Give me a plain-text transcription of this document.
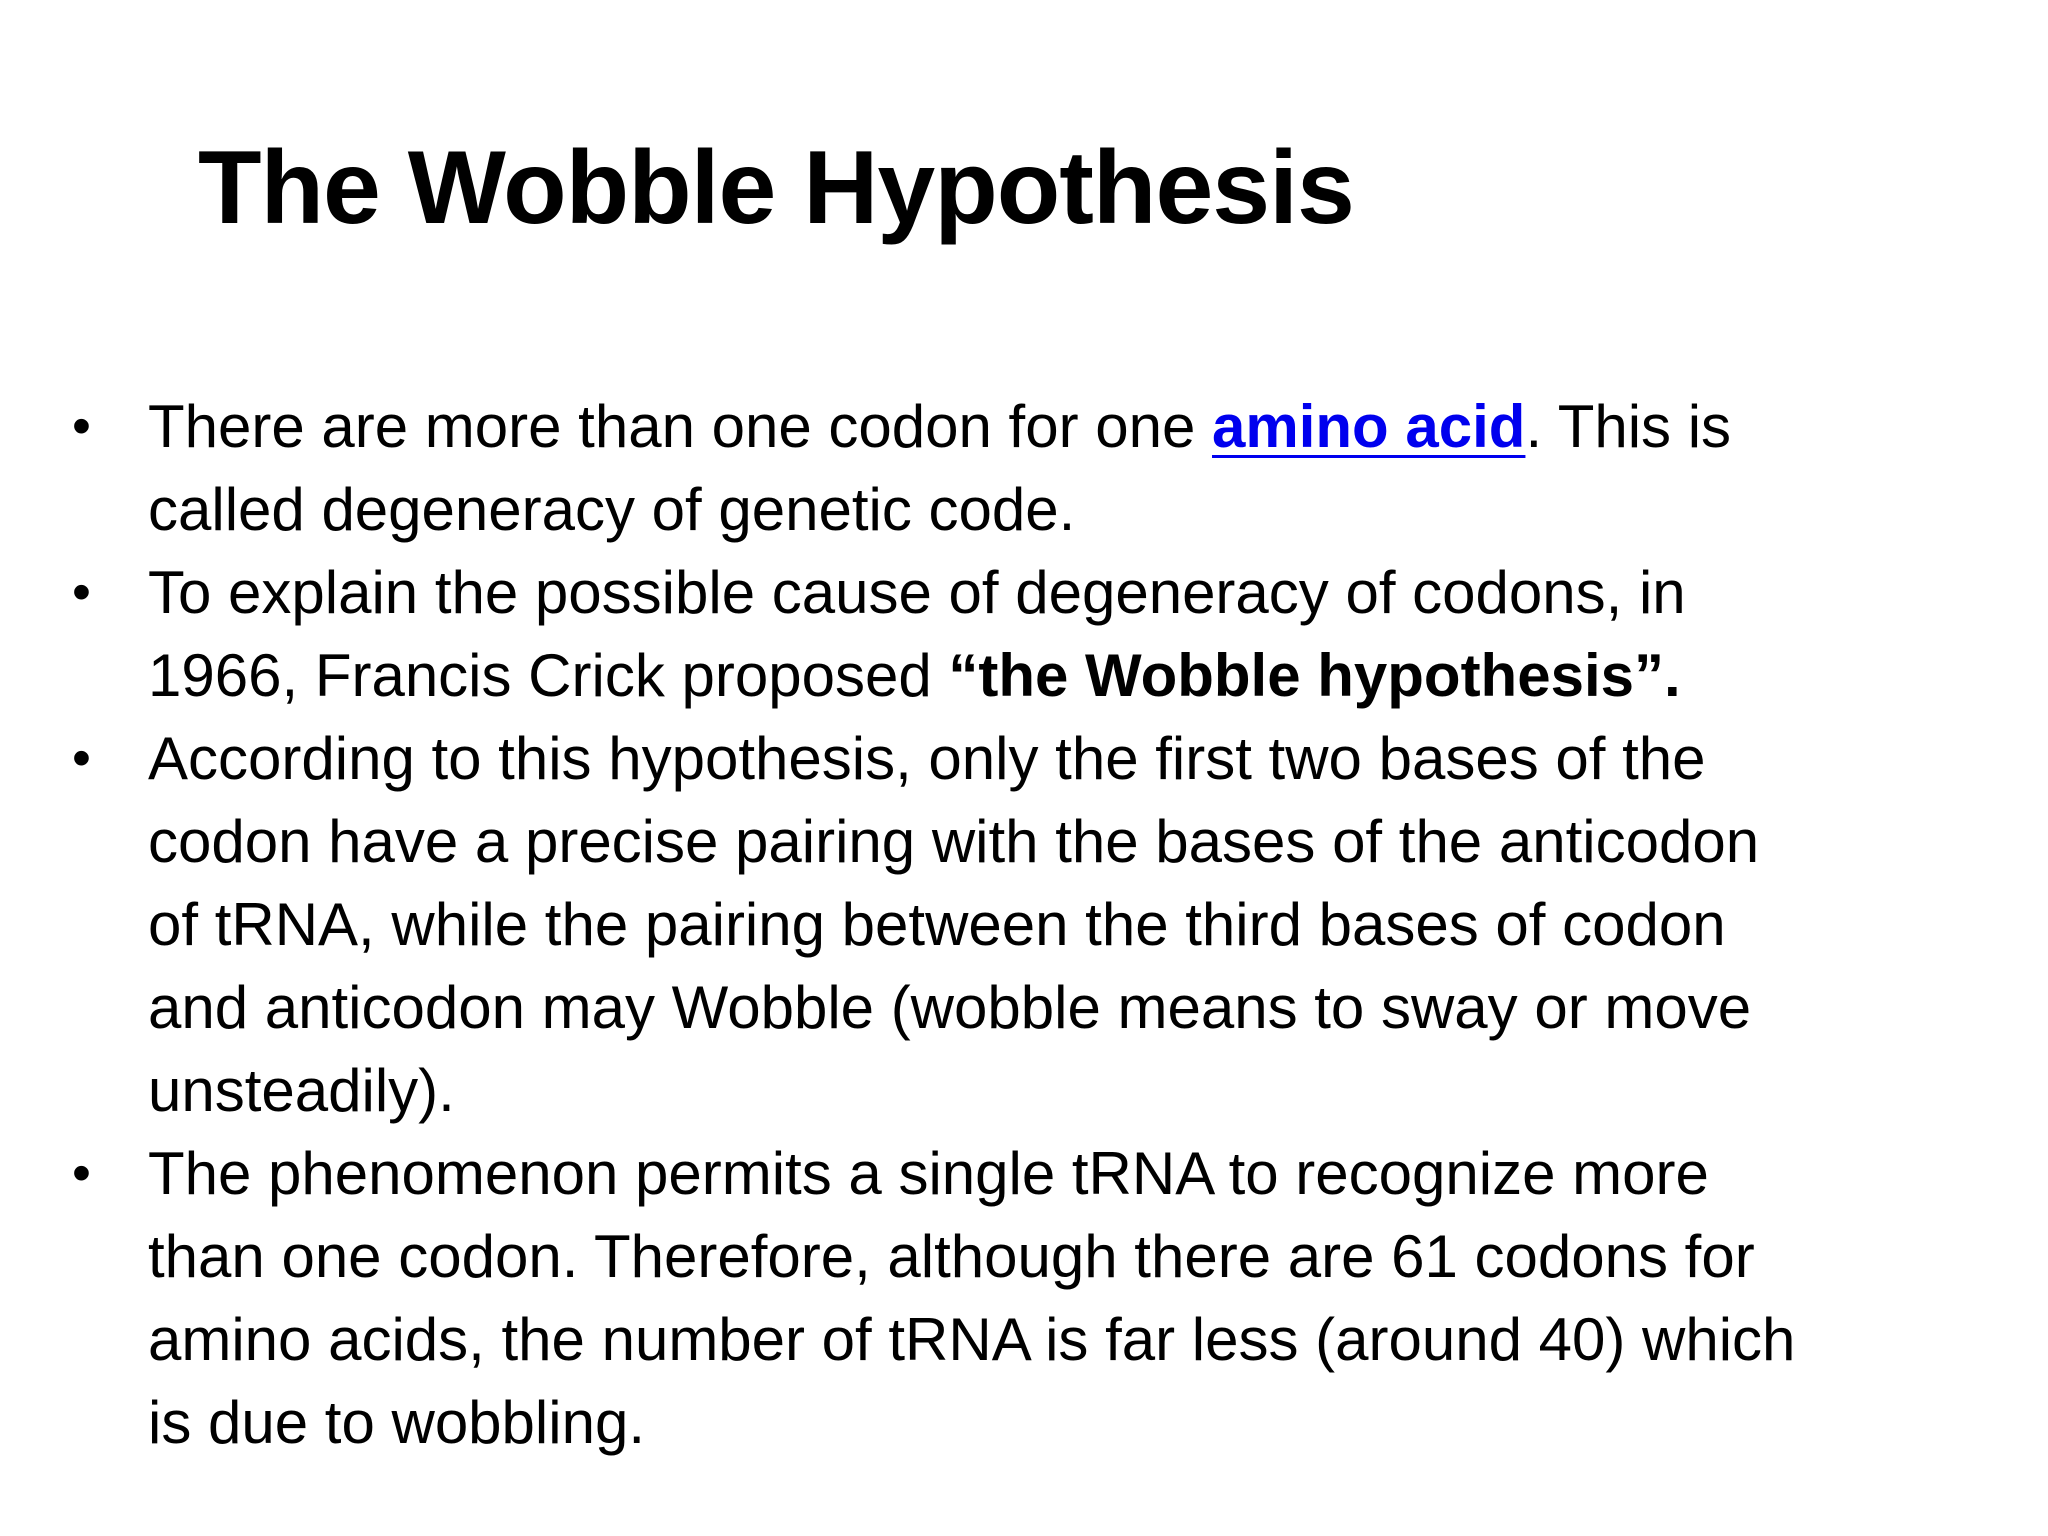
The Wobble Hypothesis
• There are more than one codon for one amino acid. This is
called degeneracy of genetic code.
• To explain the possible cause of degeneracy of codons, in
1966, Francis Crick proposed “the Wobble hypothesis”.
• According to this hypothesis, only the first two bases of the
codon have a precise pairing with the bases of the anticodon
of tRNA, while the pairing between the third bases of codon
and anticodon may Wobble (wobble means to sway or move
unsteadily).
• The phenomenon permits a single tRNA to recognize more
than one codon. Therefore, although there are 61 codons for
amino acids, the number of tRNA is far less (around 40) which
is due to wobbling.
